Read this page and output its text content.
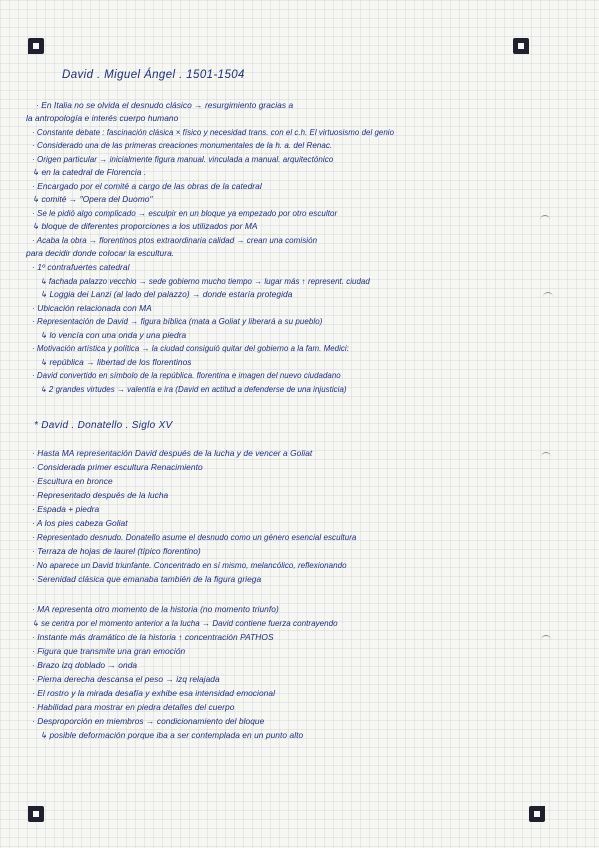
David . Miguel Ángel . 1501-1504
· En Italia no se olvida el desnudo clásico → resurgimiento gracias a
la antropología e interés cuerpo humano
· Constante debate : fascinación clásica × físico y necesidad trans. con el c.h. El virtuosismo del genio
· Considerado una de las primeras creaciones monumentales de la h. a. del Renac.
· Origen particular → inicialmente figura manual. vinculada a manual. arquitectónico
↳ en la catedral de Florencia .
· Encargado por el comité a cargo de las obras de la catedral
↳ comité → "Opera del Duomo"
· Se le pidió algo complicado → esculpir en un bloque ya empezado por otro escultor
↳ bloque de diferentes proporciones a los utilizados por MA
· Acaba la obra → florentinos ptos extraordinaria calidad → crean una comisión
para decidir donde colocar la escultura.
· 1º contrafuertes catedral
↳ fachada palazzo vecchio → sede gobierno mucho tiempo → lugar más ↑ represent. ciudad
↳ Loggia dei Lanzi (al lado del palazzo) → donde estaría protegida
· Ubicación relacionada con MA
· Representación de David → figura bíblica (mata a Goliat y liberará a su pueblo)
↳ lo vencía con una onda y una piedra
· Motivación artística y política → la ciudad consiguió quitar del gobierno a la fam. Medici:
↳ república → libertad de los florentinos
· David convertido en símbolo de la república. florentina e imagen del nuevo ciudadano
↳ 2 grandes virtudes → valentía e ira (David en actitud a defenderse de una injusticia)
* David . Donatello . Siglo XV
· Hasta MA representación David después de la lucha y de vencer a Goliat
· Considerada primer escultura Renacimiento
· Escultura en bronce
· Representado después de la lucha
· Espada + piedra
· A los pies cabeza Goliat
· Representado desnudo. Donatello asume el desnudo como un género esencial escultura
· Terraza de hojas de laurel (típico florentino)
· No aparece un David triunfante. Concentrado en sí mismo, melancólico, reflexionando
· Serenidad clásica que emanaba también de la figura griega
· MA representa otro momento de la historia (no momento triunfo)
↳ se centra por el momento anterior a la lucha → David contiene fuerza contrayendo
· Instante más dramático de la historia ↑ concentración PATHOS
· Figura que transmite una gran emoción
· Brazo izq doblado → onda
· Pierna derecha descansa el peso → izq relajada
· El rostro y la mirada desafía y exhibe esa intensidad emocional
· Habilidad para mostrar en piedra detalles del cuerpo
· Desproporción en miembros → condicionamiento del bloque
↳ posible deformación porque iba a ser contemplada en un punto alto
